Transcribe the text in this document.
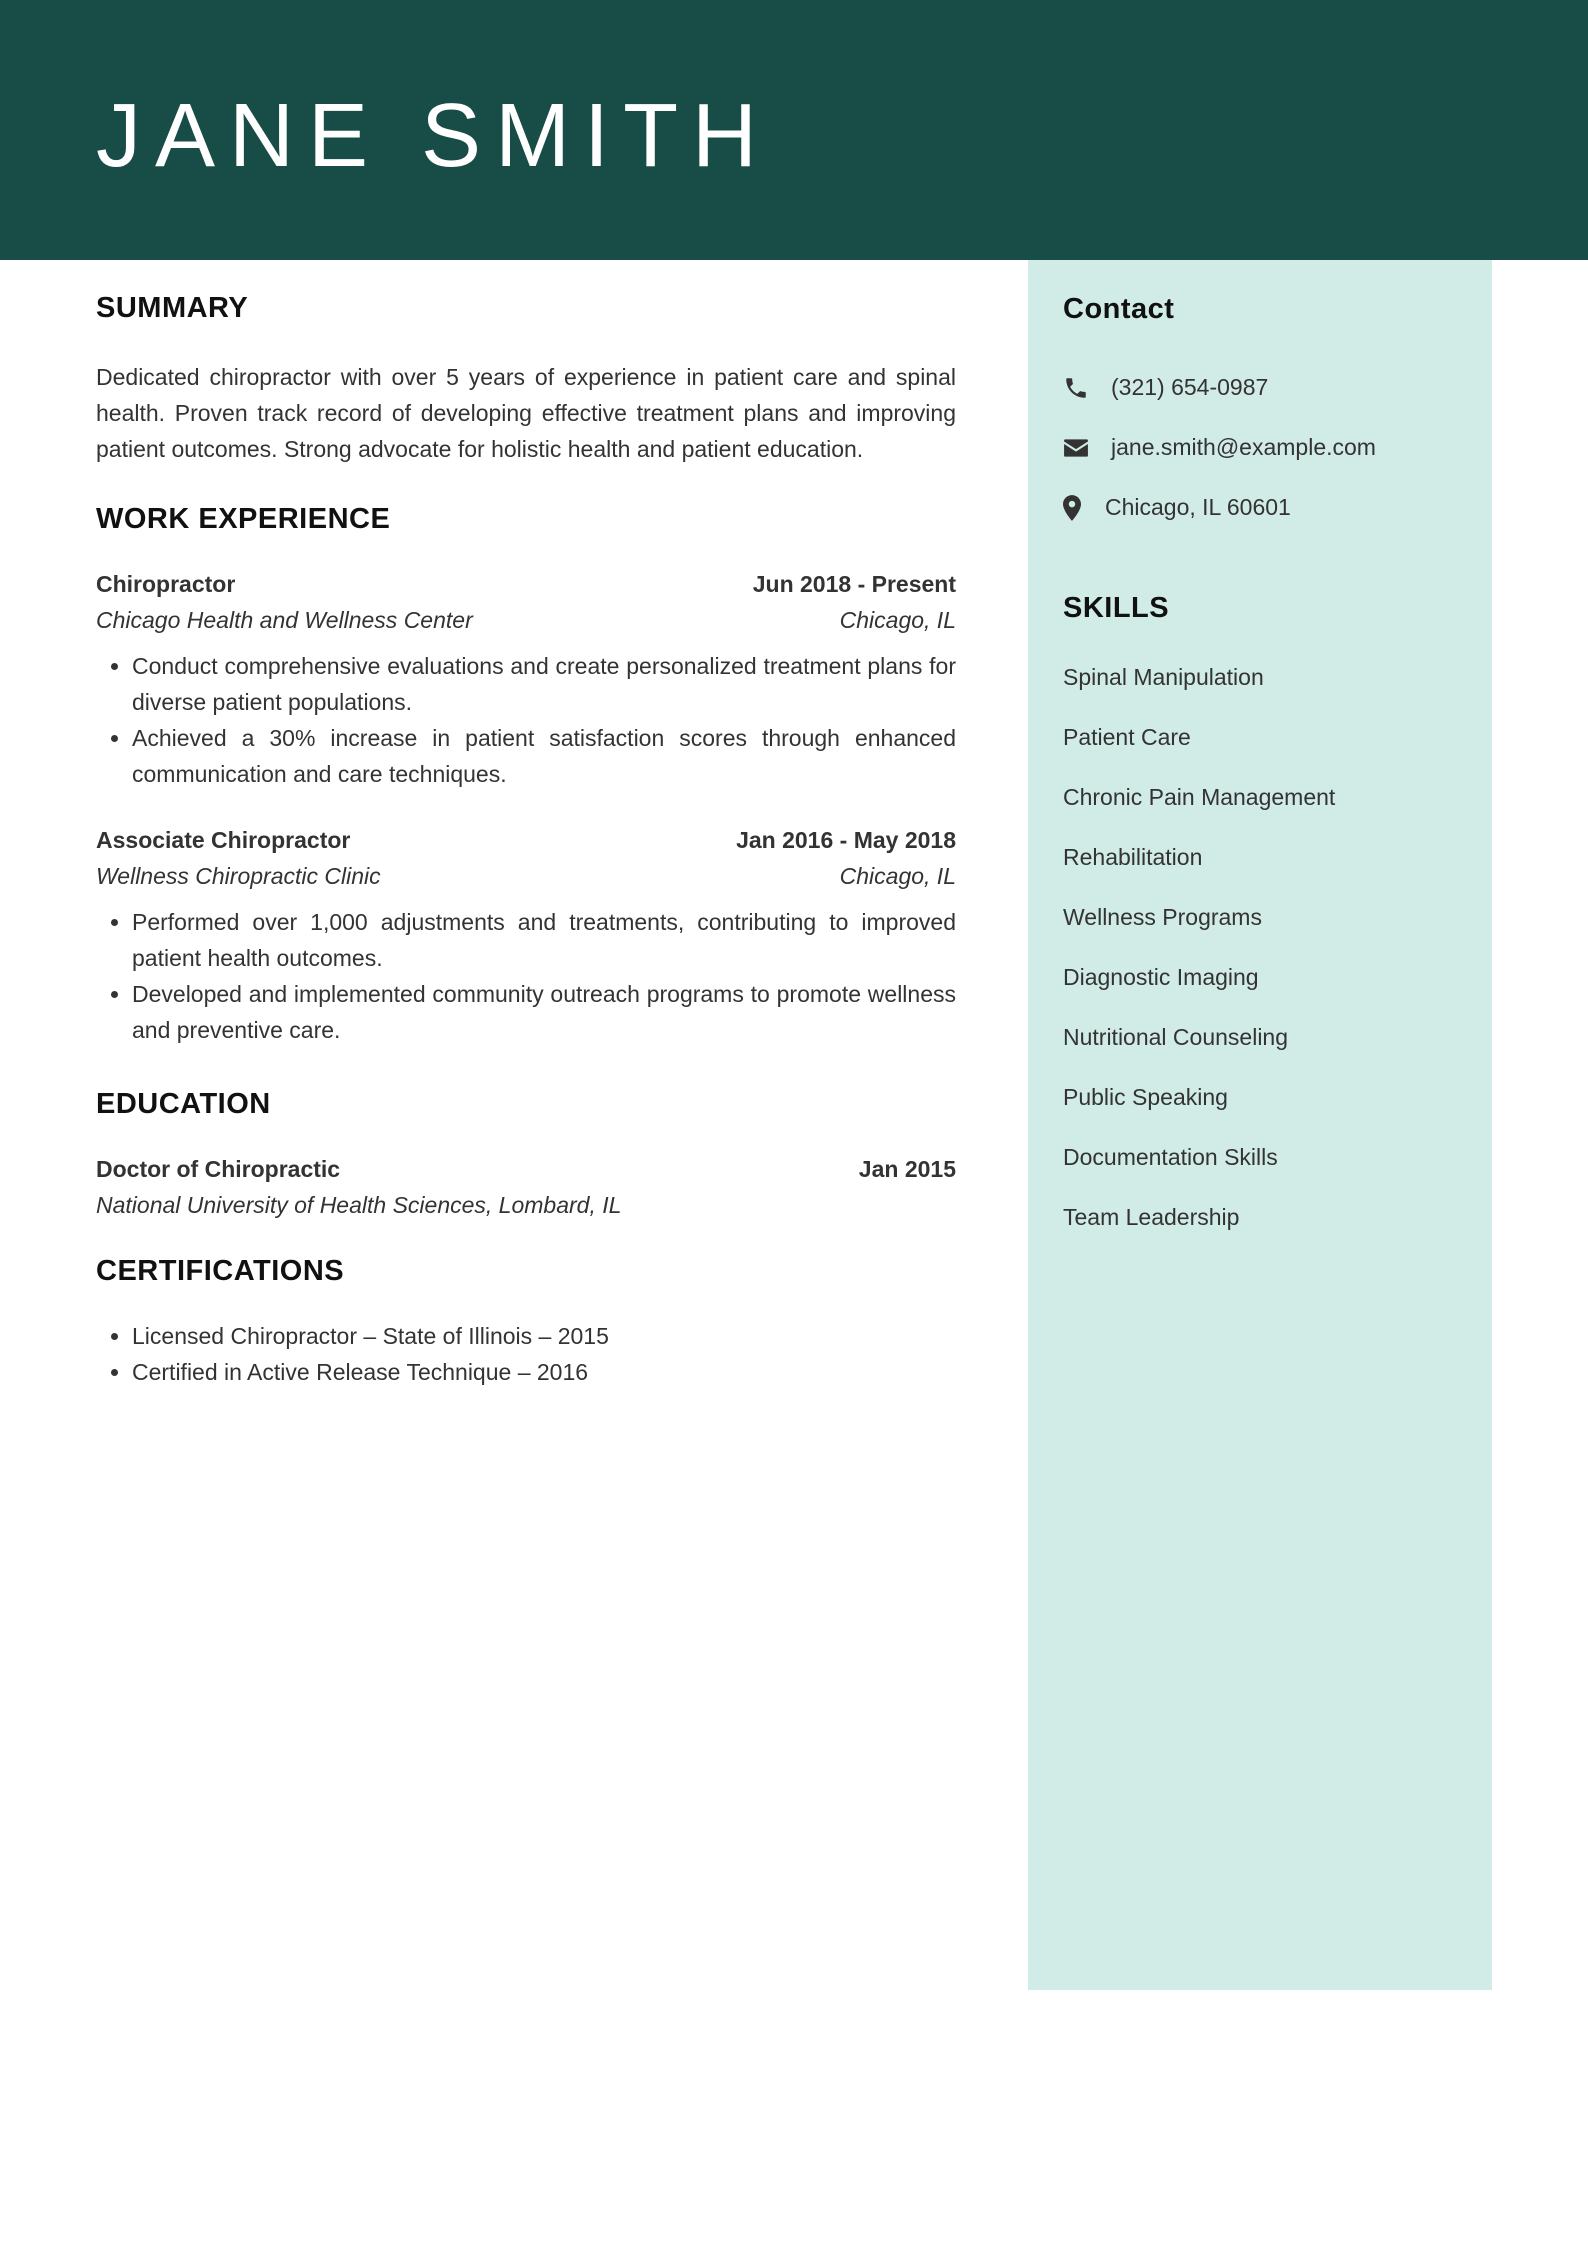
JANE SMITH
SUMMARY

Dedicated chiropractor with over 5 years of experience in patient care and spinal health. Proven track record of developing effective treatment plans and improving patient outcomes. Strong advocate for holistic health and patient education.

WORK EXPERIENCE
Chiropractor	Jun 2018 - Present
Chicago Health and Wellness Center	Chicago, IL
• Conduct comprehensive evaluations and create personalized treatment plans for diverse patient populations.
• Achieved a 30% increase in patient satisfaction scores through enhanced communication and care techniques.
Associate Chiropractor	Jan 2016 - May 2018
Wellness Chiropractic Clinic	Chicago, IL
• Performed over 1,000 adjustments and treatments, contributing to improved patient health outcomes.
• Developed and implemented community outreach programs to promote wellness and preventive care.
EDUCATION
Doctor of Chiropractic	Jan 2015
National University of Health Sciences, Lombard, IL
CERTIFICATIONS
• Licensed Chiropractor – State of Illinois – 2015
• Certified in Active Release Technique – 2016
Contact
(321) 654-0987
jane.smith@example.com
Chicago, IL 60601
SKILLS
Spinal Manipulation
Patient Care
Chronic Pain Management
Rehabilitation
Wellness Programs
Diagnostic Imaging
Nutritional Counseling
Public Speaking
Documentation Skills
Team Leadership
